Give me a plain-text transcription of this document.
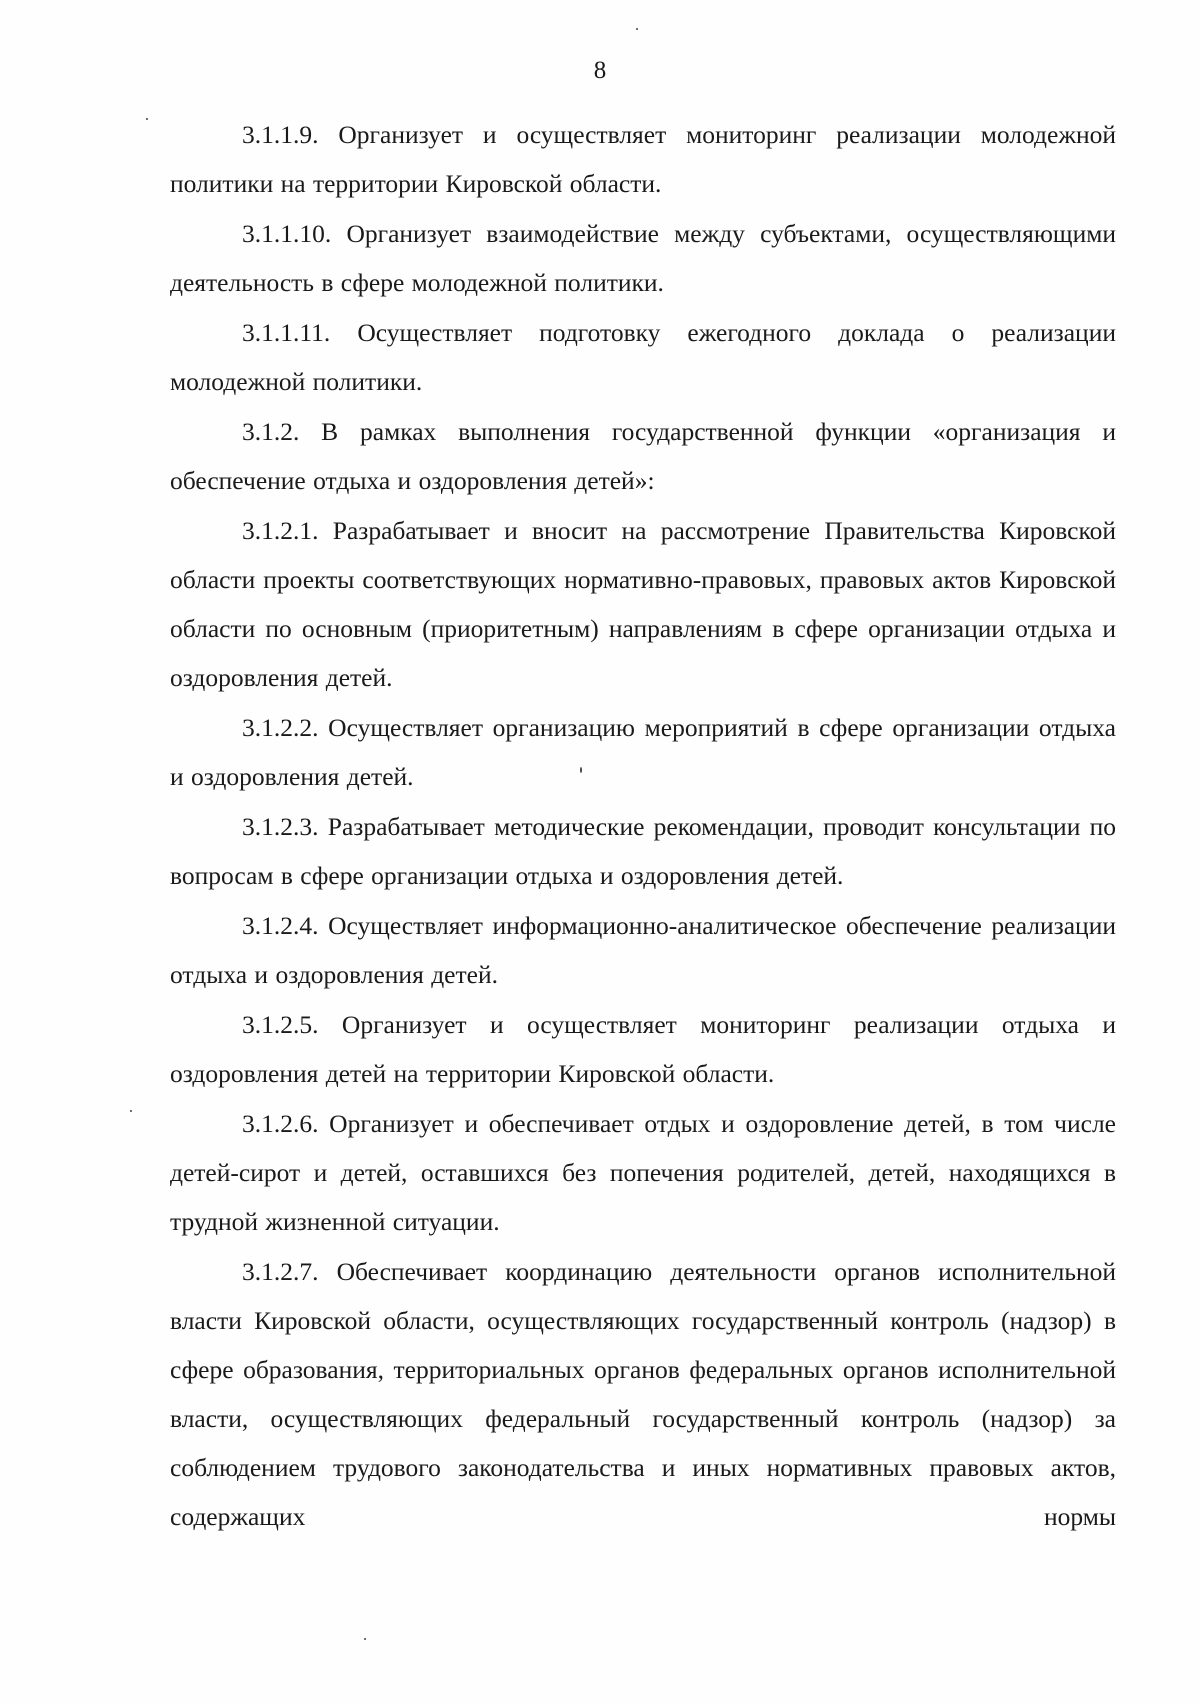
8

3.1.1.9. Организует и осуществляет мониторинг реализации молодежной политики на территории Кировской области.

3.1.1.10. Организует взаимодействие между субъектами, осуществляющими деятельность в сфере молодежной политики.

3.1.1.11. Осуществляет подготовку ежегодного доклада о реализации молодежной политики.

3.1.2. В рамках выполнения государственной функции «организация и обеспечение отдыха и оздоровления детей»:

3.1.2.1. Разрабатывает и вносит на рассмотрение Правительства Кировской области проекты соответствующих нормативно-правовых, правовых актов Кировской области по основным (приоритетным) направлениям в сфере организации отдыха и оздоровления детей.

3.1.2.2. Осуществляет организацию мероприятий в сфере организации отдыха и оздоровления детей.

3.1.2.3. Разрабатывает методические рекомендации, проводит консультации по вопросам в сфере организации отдыха и оздоровления детей.

3.1.2.4. Осуществляет информационно-аналитическое обеспечение реализации отдыха и оздоровления детей.

3.1.2.5. Организует и осуществляет мониторинг реализации отдыха и оздоровления детей на территории Кировской области.

3.1.2.6. Организует и обеспечивает отдых и оздоровление детей, в том числе детей-сирот и детей, оставшихся без попечения родителей, детей, находящихся в трудной жизненной ситуации.

3.1.2.7. Обеспечивает координацию деятельности органов исполнительной власти Кировской области, осуществляющих государственный контроль (надзор) в сфере образования, территориальных органов федеральных органов исполнительной власти, осуществляющих федеральный государственный контроль (надзор) за соблюдением трудового законодательства и иных нормативных правовых актов, содержащих нормы
